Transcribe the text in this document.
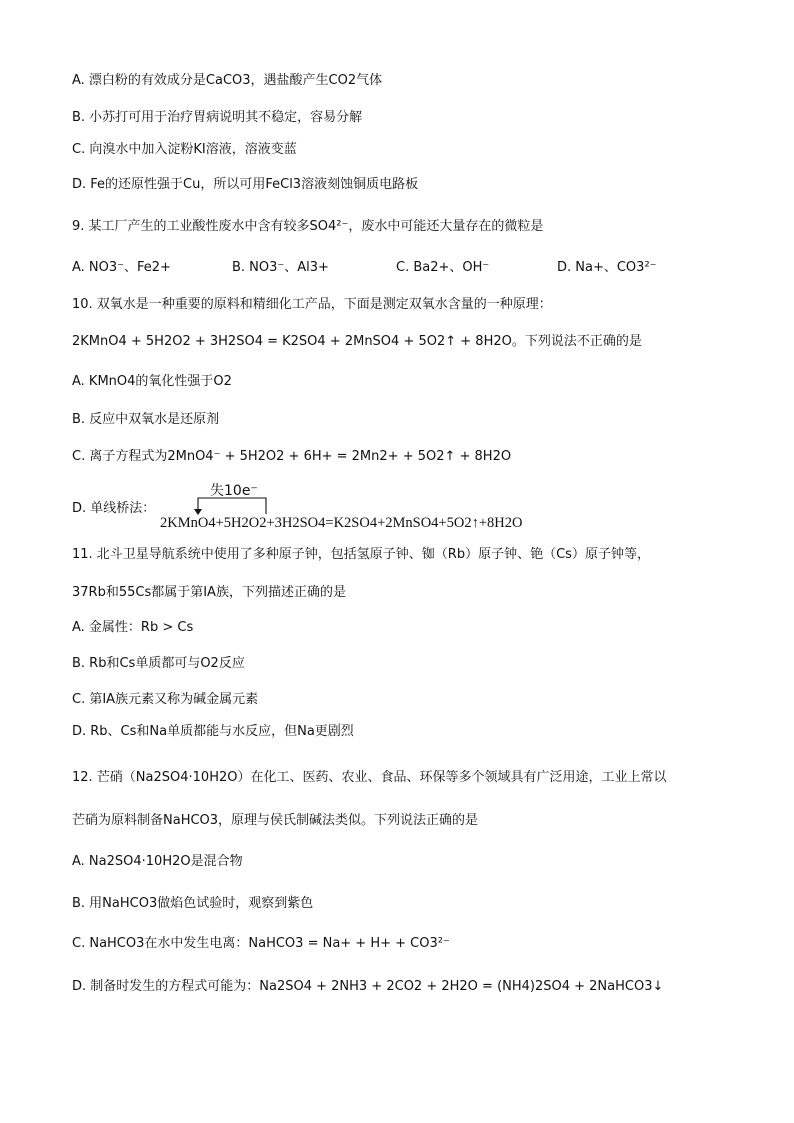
A. 漂白粉的有效成分是CaCO3，遇盐酸产生CO2气体
B. 小苏打可用于治疗胃病说明其不稳定，容易分解
C. 向溴水中加入淀粉KI溶液，溶液变蓝
D. Fe的还原性强于Cu，所以可用FeCl3溶液刻蚀铜质电路板
9. 某工厂产生的工业酸性废水中含有较多SO4²⁻，废水中可能还大量存在的微粒是
A. NO3⁻、Fe2+	B. NO3⁻、Al3+	C. Ba2+、OH⁻	D. Na+、CO3²⁻
10. 双氧水是一种重要的原料和精细化工产品，下面是测定双氧水含量的一种原理：
2KMnO4 + 5H2O2 + 3H2SO4 = K2SO4 + 2MnSO4 + 5O2↑ + 8H2O。下列说法不正确的是
A. KMnO4的氧化性强于O2
B. 反应中双氧水是还原剂
C. 离子方程式为2MnO4⁻ + 5H2O2 + 6H+ = 2Mn2+ + 5O2↑ + 8H2O
D. 单线桥法：
失10e⁻
2KMnO4+5H2O2+3H2SO4=K2SO4+2MnSO4+5O2↑+8H2O
11. 北斗卫星导航系统中使用了多种原子钟，包括氢原子钟、铷（Rb）原子钟、铯（Cs）原子钟等，
37Rb和55Cs都属于第IA族，下列描述正确的是
A. 金属性：Rb > Cs
B. Rb和Cs单质都可与O2反应
C. 第IA族元素又称为碱金属元素
D. Rb、Cs和Na单质都能与水反应，但Na更剧烈
12. 芒硝（Na2SO4·10H2O）在化工、医药、农业、食品、环保等多个领域具有广泛用途，工业上常以
芒硝为原料制备NaHCO3，原理与侯氏制碱法类似。下列说法正确的是
A. Na2SO4·10H2O是混合物
B. 用NaHCO3做焰色试验时，观察到紫色
C. NaHCO3在水中发生电离：NaHCO3 = Na+ + H+ + CO3²⁻
D. 制备时发生的方程式可能为：Na2SO4 + 2NH3 + 2CO2 + 2H2O = (NH4)2SO4 + 2NaHCO3↓
